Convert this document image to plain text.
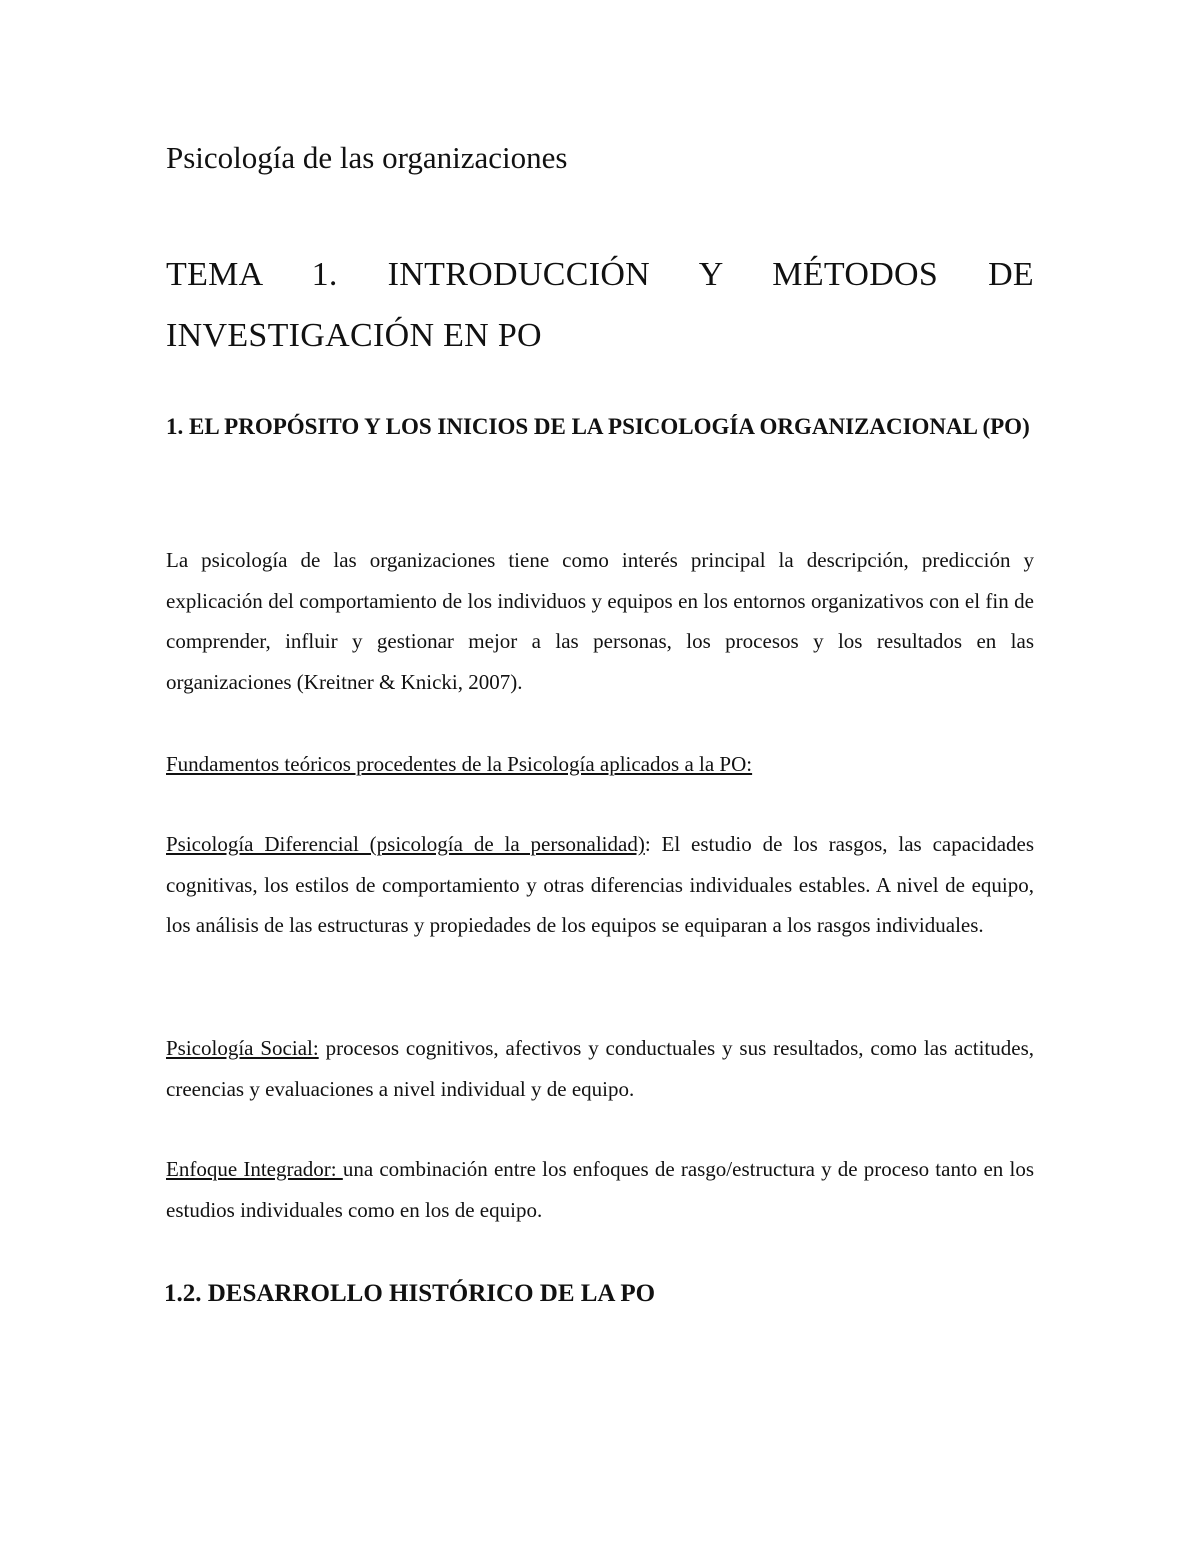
Psicología de las organizaciones
TEMA 1. INTRODUCCIÓN Y MÉTODOS DE INVESTIGACIÓN EN PO
1. EL PROPÓSITO Y LOS INICIOS DE LA PSICOLOGÍA ORGANIZACIONAL (PO)
La psicología de las organizaciones tiene como interés principal la descripción, predicción y explicación del comportamiento de los individuos y equipos en los entornos organizativos con el fin de comprender, influir y gestionar mejor a las personas, los procesos y los resultados en las organizaciones (Kreitner & Knicki, 2007).
Fundamentos teóricos procedentes de la Psicología aplicados a la PO:
Psicología Diferencial (psicología de la personalidad): El estudio de los rasgos, las capacidades cognitivas, los estilos de comportamiento y otras diferencias individuales estables. A nivel de equipo, los análisis de las estructuras y propiedades de los equipos se equiparan a los rasgos individuales.
Psicología Social: procesos cognitivos, afectivos y conductuales y sus resultados, como las actitudes, creencias y evaluaciones a nivel individual y de equipo.
Enfoque Integrador: una combinación entre los enfoques de rasgo/estructura y de proceso tanto en los estudios individuales como en los de equipo.
1.2. DESARROLLO HISTÓRICO DE LA PO
